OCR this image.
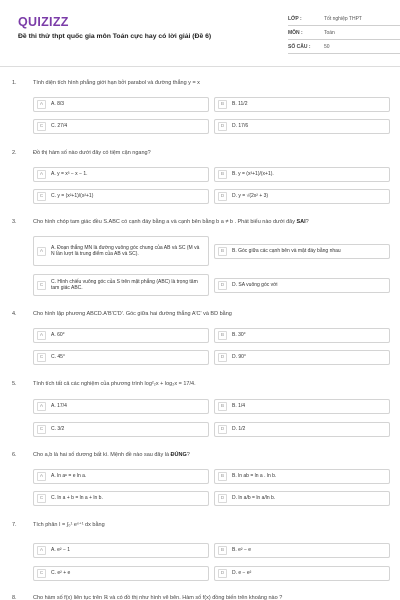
QUIZIZZ
Đề thi thử thpt quốc gia môn Toán cực hay có lời giải (Đề 6)
LỚP :	Tốt nghiệp THPT
MÔN :	Toán
SỐ CÂU :	50
1.	Tính diện tích hình phẳng giới hạn bởi parabol và đường thẳng y = x
A	A. 8/3	B	B. 11/2
C	C. 27/4	D	D. 17/6
2.	Đồ thị hàm số nào dưới đây có tiệm cận ngang?
A	A. y = x³ − x − 1.	B	B. y = (x³+1)/(x+1).
C	C. y = (x²+1)/(x²+1)	D	D. y = √(2x² + 3)
3.	Cho hình chóp tam giác đều S.ABC có cạnh đáy bằng a và cạnh bên bằng b a ≠ b . Phát biểu nào dưới đây SAI?
A
A. Đoạn thẳng MN là đường vuông góc chung của AB và SC (M và N lần lượt là trung điểm của AB và SC).	B	B. Góc giữa các cạnh bên và mặt đáy bằng nhau
C
C. Hình chiếu vuông góc của S trên mặt phẳng (ABC) là trọng tâm tam giác ABC.	D	D. SA vuông góc với
4.	Cho hình lập phương ABCD.A'B'C'D'. Góc giữa hai đường thẳng A'C' và BD bằng
A	A. 60°	B	B. 30°
C	C. 45°	D	D. 90°
5.	Tính tích tất cả các nghiệm của phương trình log²₂x + log₂x = 17/4.
A	A. 17/4	B	B. 1/4
C	C. 3/2	D	D. 1/2
6.	Cho a,b là hai số dương bất kì. Mệnh đề nào sau đây là ĐÚNG?
A	A. ln aᵉ = e ln a.	B	B. ln ab = ln a . ln b.
C	C. ln a + b = ln a + ln b.	D	D. ln a/b = ln a/ln b.
7.	Tích phân I = ∫₀¹ eˣ⁺¹ dx bằng
A	A. e² − 1	B	B. e² − e
C	C. e² + e	D	D. e − e²
8.	Cho hàm số f(x) liên tục trên ℝ và có đồ thị như hình vẽ bên. Hàm số f(x) đồng biến trên khoảng nào ?
